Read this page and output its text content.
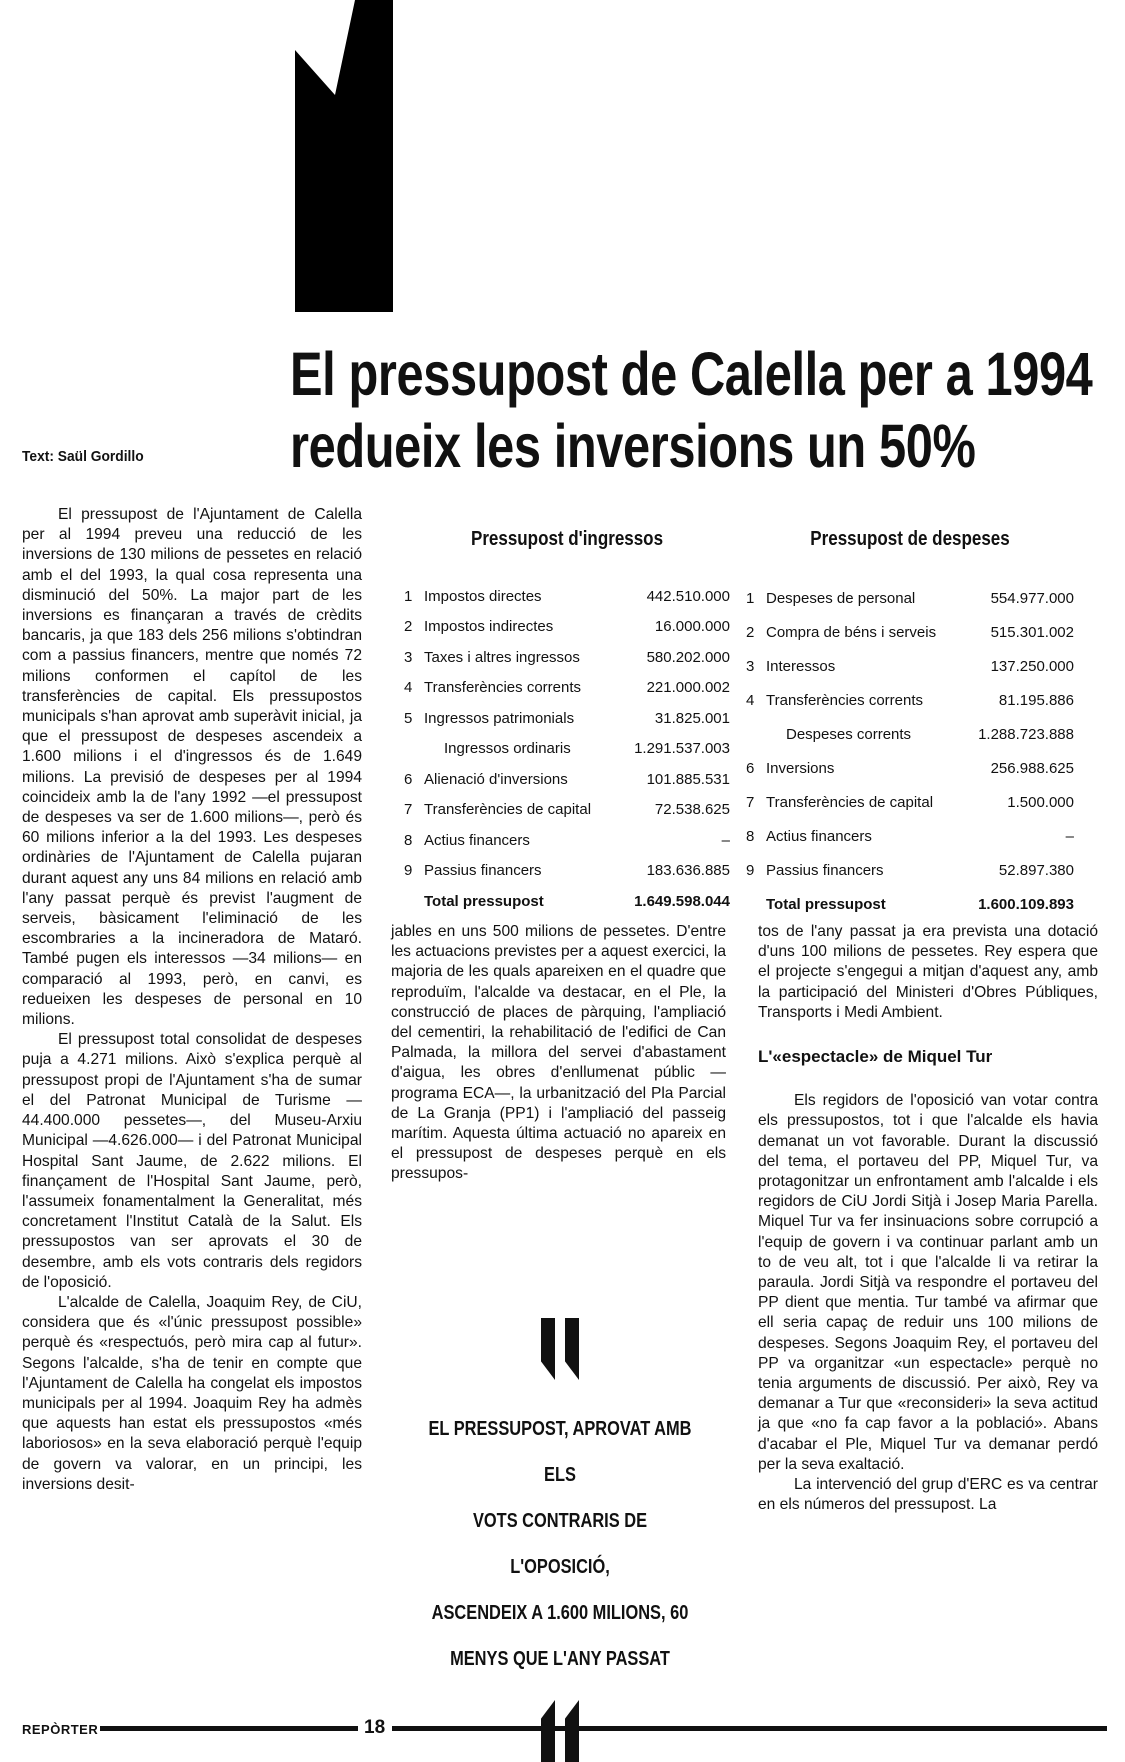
El pressupost de Calella per a 1994
redueix les inversions un 50%
Text: Saül Gordillo

El pressupost de l'Ajuntament de Calella per al 1994 preveu una reducció de les inversions de 130 milions de pessetes en relació amb el del 1993, la qual cosa representa una disminució del 50%. La major part de les inversions es finançaran a través de crèdits bancaris, ja que 183 dels 256 milions s'obtindran com a passius financers, mentre que només 72 milions conformen el capítol de les transferències de capital. Els pressupostos municipals s'han aprovat amb superàvit inicial, ja que el pressupost de despeses ascendeix a 1.600 milions i el d'ingressos és de 1.649 milions. La previsió de despeses per al 1994 coincideix amb la de l'any 1992 —el pressupost de despeses va ser de 1.600 milions—, però és 60 milions inferior a la del 1993. Les despeses ordinàries de l'Ajuntament de Calella pujaran durant aquest any uns 84 milions en relació amb l'any passat perquè és previst l'augment de serveis, bàsicament l'eliminació de les escombraries a la incineradora de Mataró. També pugen els interessos —34 milions— en comparació al 1993, però, en canvi, es redueixen les despeses de personal en 10 milions.

El pressupost total consolidat de despeses puja a 4.271 milions. Això s'explica perquè al pressupost propi de l'Ajuntament s'ha de sumar el del Patronat Municipal de Turisme —44.400.000 pessetes—, del Museu-Arxiu Municipal —4.626.000— i del Patronat Municipal Hospital Sant Jaume, de 2.622 milions. El finançament de l'Hospital Sant Jaume, però, l'assumeix fonamentalment la Generalitat, més concretament l'Institut Català de la Salut. Els pressupostos van ser aprovats el 30 de desembre, amb els vots contraris dels regidors de l'oposició.

L'alcalde de Calella, Joaquim Rey, de CiU, considera que és «l'únic pressupost possible» perquè és «respectuós, però mira cap al futur». Segons l'alcalde, s'ha de tenir en compte que l'Ajuntament de Calella ha congelat els impostos municipals per al 1994. Joaquim Rey ha admès que aquests han estat els pressupostos «més laboriosos» en la seva elaboració perquè l'equip de govern va valorar, en un principi, les inversions desit-

Pressupost d'ingressos
1 Impostos directes	442.510.000
2 Impostos indirectes	16.000.000
3 Taxes i altres ingressos	580.202.000
4 Transferències corrents	221.000.002
5 Ingressos patrimonials	31.825.001
Ingressos ordinaris	1.291.537.003
6 Alienació d'inversions	101.885.531
7 Transferències de capital	72.538.625
8 Actius financers	–
9 Passius financers	183.636.885
Total pressupost	1.649.598.044
Pressupost de despeses
1 Despeses de personal	554.977.000
2 Compra de béns i serveis	515.301.002
3 Interessos	137.250.000
4 Transferències corrents	81.195.886
Despeses corrents	1.288.723.888
6 Inversions	256.988.625
7 Transferències de capital	1.500.000
8 Actius financers	–
9 Passius financers	52.897.380
Total pressupost	1.600.109.893

jables en uns 500 milions de pessetes. D'entre les actuacions previstes per a aquest exercici, la majoria de les quals apareixen en el quadre que reproduïm, l'alcalde va destacar, en el Ple, la construcció de places de pàrquing, l'ampliació del cementiri, la rehabilitació de l'edifici de Can Palmada, la millora del servei d'abastament d'aigua, les obres d'enllumenat públic —programa ECA—, la urbanització del Pla Parcial de La Granja (PP1) i l'ampliació del passeig marítim. Aquesta última actuació no apareix en el pressupost de despeses perquè en els pressupos-

tos de l'any passat ja era prevista una dotació d'uns 100 milions de pessetes. Rey espera que el projecte s'engegui a mitjan d'aquest any, amb la participació del Ministeri d'Obres Públiques, Transports i Medi Ambient.

L'«espectacle» de Miquel Tur

Els regidors de l'oposició van votar contra els pressupostos, tot i que l'alcalde els havia demanat un vot favorable. Durant la discussió del tema, el portaveu del PP, Miquel Tur, va protagonitzar un enfrontament amb l'alcalde i els regidors de CiU Jordi Sitjà i Josep Maria Parella. Miquel Tur va fer insinuacions sobre corrupció a l'equip de govern i va continuar parlant amb un to de veu alt, tot i que l'alcalde li va retirar la paraula. Jordi Sitjà va respondre el portaveu del PP dient que mentia. Tur també va afirmar que ell seria capaç de reduir uns 100 milions de despeses. Segons Joaquim Rey, el portaveu del PP va organitzar «un espectacle» perquè no tenia arguments de discussió. Per això, Rey va demanar a Tur que «reconsideri» la seva actitud ja que «no fa cap favor a la població». Abans d'acabar el Ple, Miquel Tur va demanar perdó per la seva exaltació.

La intervenció del grup d'ERC es va centrar en els números del pressupost. La

EL PRESSUPOST, APROVAT AMB ELS
VOTS CONTRARIS DE L'OPOSICIÓ,
ASCENDEIX A 1.600 MILIONS, 60
MENYS QUE L'ANY PASSAT
REPÒRTER	18
